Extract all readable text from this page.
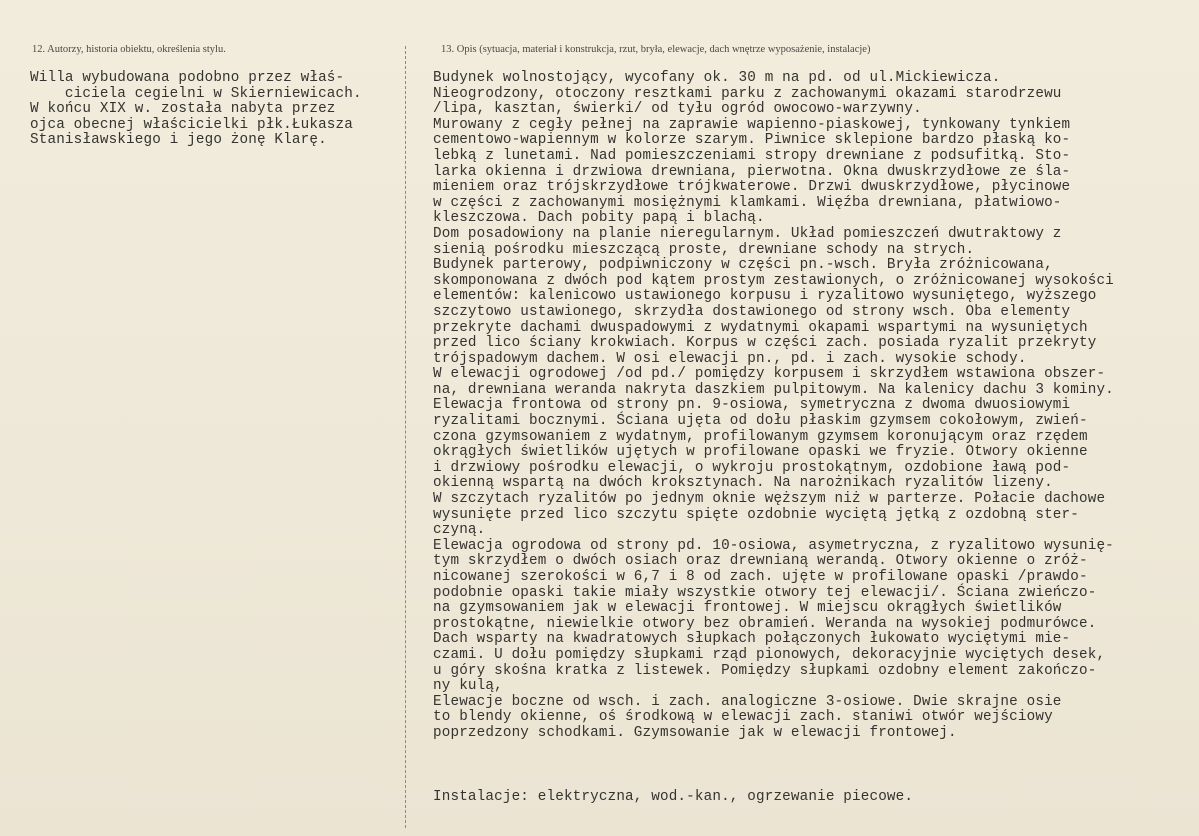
12. Autorzy, historia obiektu, określenia stylu.	13. Opis (sytuacja, materiał i konstrukcja, rzut, bryła, elewacje, dach wnętrze wyposażenie, instalacje)
Willa wybudowana podobno przez właś-
ciciela cegielni w Skierniewicach.
W końcu XIX w. została nabyta przez
ojca obecnej właścicielki płk.Łukasza
Stanisławskiego i jego żonę Klarę.
Budynek wolnostojący, wycofany ok. 30 m na pd. od ul.Mickiewicza.
Nieogrodzony, otoczony resztkami parku z zachowanymi okazami starodrzewu
/lipa, kasztan, świerki/ od tyłu ogród owocowo-warzywny.
Murowany z cegły pełnej na zaprawie wapienno-piaskowej, tynkowany tynkiem
cementowo-wapiennym w kolorze szarym. Piwnice sklepione bardzo płaską ko-
lebką z lunetami. Nad pomieszczeniami stropy drewniane z podsufitką. Sto-
larka okienna i drzwiowa drewniana, pierwotna. Okna dwuskrzydłowe ze śla-
mieniem oraz trójskrzydłowe trójkwaterowe. Drzwi dwuskrzydłowe, płycinowe
w części z zachowanymi mosiężnymi klamkami. Więźba drewniana, płatwiowo-
kleszczowa. Dach pobity papą i blachą.
Dom posadowiony na planie nieregularnym. Układ pomieszczeń dwutraktowy z
sienią pośrodku mieszczącą proste, drewniane schody na strych.
Budynek parterowy, podpiwniczony w części pn.-wsch. Bryła zróżnicowana,
skomponowana z dwóch pod kątem prostym zestawionych, o zróżnicowanej wysokości
elementów: kalenicowo ustawionego korpusu i ryzalitowo wysuniętego, wyższego
szczytowo ustawionego, skrzydła dostawionego od strony wsch. Oba elementy
przekryte dachami dwuspadowymi z wydatnymi okapami wspartymi na wysuniętych
przed lico ściany krokwiach. Korpus w części zach. posiada ryzalit przekryty
trójspadowym dachem. W osi elewacji pn., pd. i zach. wysokie schody.
W elewacji ogrodowej /od pd./ pomiędzy korpusem i skrzydłem wstawiona obszer-
na, drewniana weranda nakryta daszkiem pulpitowym. Na kalenicy dachu 3 kominy.
Elewacja frontowa od strony pn. 9-osiowa, symetryczna z dwoma dwuosiowymi
ryzalitami bocznymi. Ściana ujęta od dołu płaskim gzymsem cokołowym, zwień-
czona gzymsowaniem z wydatnym, profilowanym gzymsem koronującym oraz rzędem
okrągłych świetlików ujętych w profilowane opaski we fryzie. Otwory okienne
i drzwiowy pośrodku elewacji, o wykroju prostokątnym, ozdobione ławą pod-
okienną wspartą na dwóch kroksztynach. Na narożnikach ryzalitów lizeny.
W szczytach ryzalitów po jednym oknie węższym niż w parterze. Połacie dachowe
wysunięte przed lico szczytu spięte ozdobnie wyciętą jętką z ozdobną ster-
czyną.
Elewacja ogrodowa od strony pd. 10-osiowa, asymetryczna, z ryzalitowo wysunię-
tym skrzydłem o dwóch osiach oraz drewnianą werandą. Otwory okienne o zróż-
nicowanej szerokości w 6,7 i 8 od zach. ujęte w profilowane opaski /prawdo-
podobnie opaski takie miały wszystkie otwory tej elewacji/. Ściana zwieńczo-
na gzymsowaniem jak w elewacji frontowej. W miejscu okrągłych świetlików
prostokątne, niewielkie otwory bez obramień. Weranda na wysokiej podmurówce.
Dach wsparty na kwadratowych słupkach połączonych łukowato wyciętymi mie-
czami. U dołu pomiędzy słupkami rząd pionowych, dekoracyjnie wyciętych desek,
u góry skośna kratka z listewek. Pomiędzy słupkami ozdobny element zakończo-
ny kulą,
Elewacje boczne od wsch. i zach. analogiczne 3-osiowe. Dwie skrajne osie
to blendy okienne, oś środkową w elewacji zach. staniwi otwór wejściowy
poprzedzony schodkami. Gzymsowanie jak w elewacji frontowej.
Instalacje: elektryczna, wod.-kan., ogrzewanie piecowe.
